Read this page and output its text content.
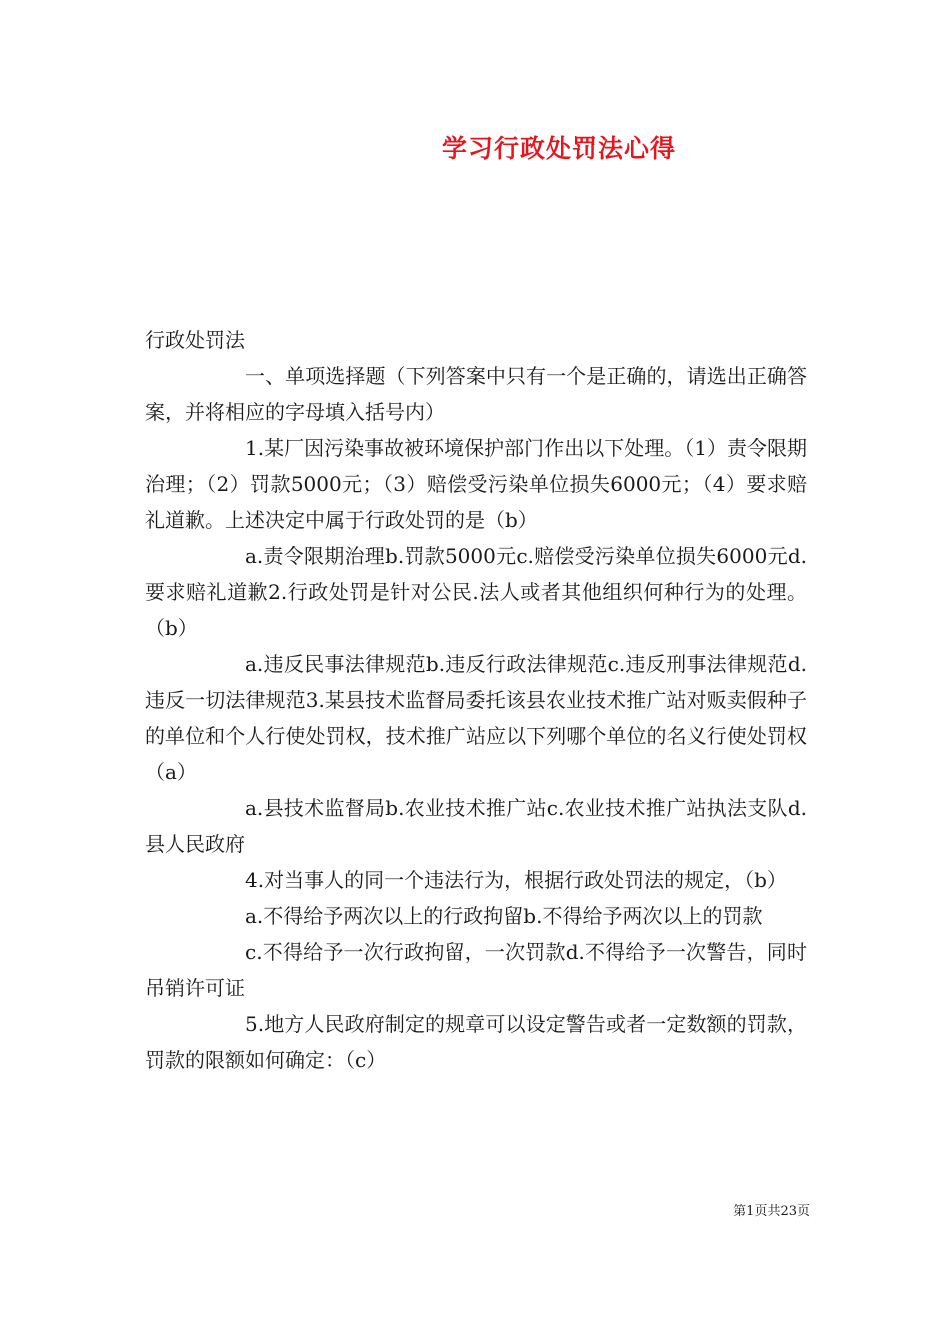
学习行政处罚法心得

行政处罚法

一、单项选择题（下列答案中只有一个是正确的，请选出正确答案，并将相应的字母填入括号内）

1.某厂因污染事故被环境保护部门作出以下处理。（1）责令限期治理；（2）罚款5000元；（3）赔偿受污染单位损失6000元；（4）要求赔礼道歉。上述决定中属于行政处罚的是（b）

a.责令限期治理b.罚款5000元c.赔偿受污染单位损失6000元d.要求赔礼道歉2.行政处罚是针对公民.法人或者其他组织何种行为的处理。（b）

a.违反民事法律规范b.违反行政法律规范c.违反刑事法律规范d.违反一切法律规范3.某县技术监督局委托该县农业技术推广站对贩卖假种子的单位和个人行使处罚权，技术推广站应以下列哪个单位的名义行使处罚权（a）

a.县技术监督局b.农业技术推广站c.农业技术推广站执法支队d.县人民政府

4.对当事人的同一个违法行为，根据行政处罚法的规定，（b）

a.不得给予两次以上的行政拘留b.不得给予两次以上的罚款

c.不得给予一次行政拘留，一次罚款d.不得给予一次警告，同时吊销许可证

5.地方人民政府制定的规章可以设定警告或者一定数额的罚款，罚款的限额如何确定：（c）

第1页共23页
